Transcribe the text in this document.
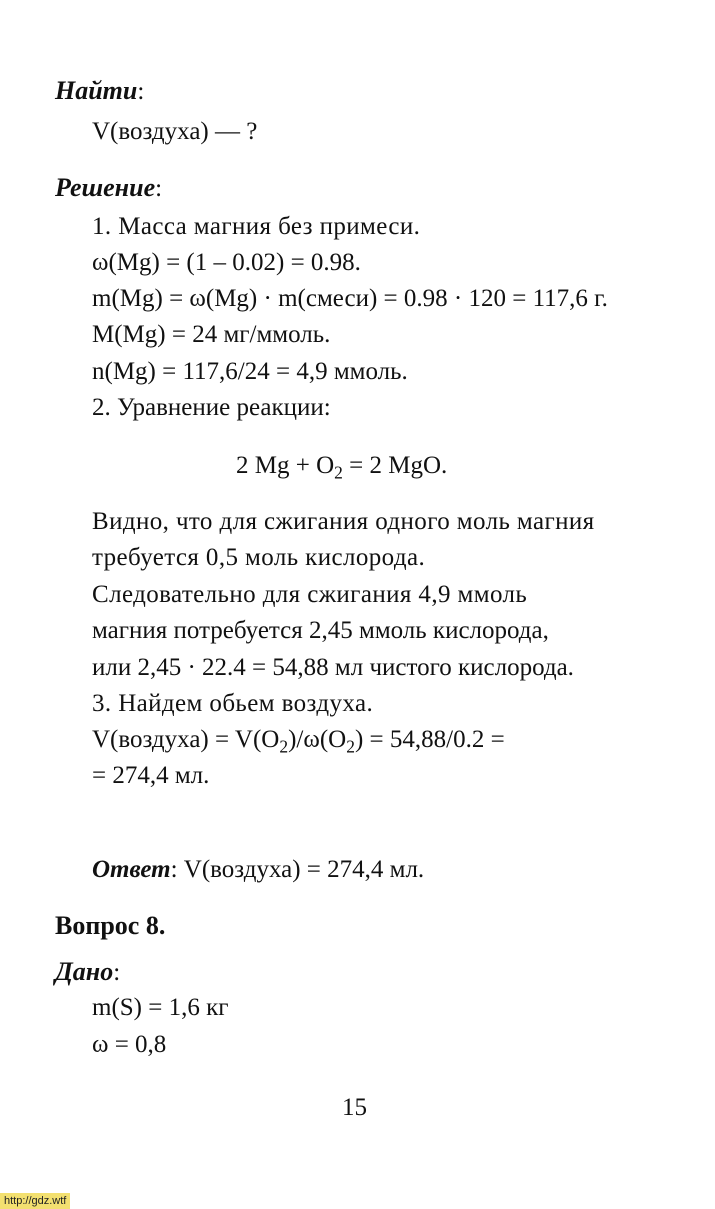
Найти:
V(воздуха) — ?
Решение:
1. Масса магния без примеси.
ω(Mg) = (1 – 0.02) = 0.98.
m(Mg) = ω(Mg) · m(смеси) = 0.98 · 120 = 117,6 г.
M(Mg) = 24 мг/ммоль.
n(Mg) = 117,6/24 = 4,9 ммоль.
2. Уравнение реакции:
2 $Mg + O_2 = 2$ MgO.
Видно, что для сжигания одного моль магния
требуется 0,5 моль кислорода.
Следовательно для сжигания 4,9 ммоль
магния потребуется 2,45 ммоль кислорода,
или 2,45 · 22.4 = 54,88 мл чистого кислорода.
3. Найдем обьем воздуха.
V(воздуха) = $V(O_2)/\omega(O_2) = 54,88/0.2$ =
= 274,4 мл.
Ответ: V(воздуха) = 274,4 мл.
Вопрос 8.
Дано:
m(S) = 1,6 кг
ω = 0,8
15
http://gdz.wtf
